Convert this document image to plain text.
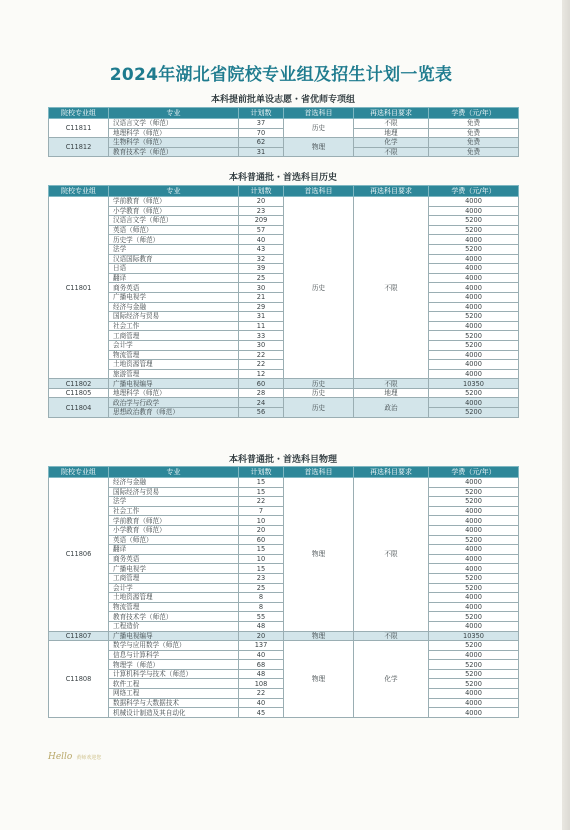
2024年湖北省院校专业组及招生计划一览表
本科提前批单设志愿・省优师专项组
院校专业组	专业	计划数	首选科目	再选科目要求	学费（元/年）
C11811	汉语言文学（师范）	37	历史	不限	免费
	地理科学（师范）	70		地理	免费
C11812	生物科学（师范）	62	物理	化学	免费
	教育技术学（师范）	31		不限	免费
本科普通批・首选科目历史
院校专业组	专业	计划数	首选科目	再选科目要求	学费（元/年）
C11801	学前教育（师范）	20	历史	不限	4000
	小学教育（师范）	23			4000
	汉语言文学（师范）	209			5200
	英语（师范）	57			5200
	历史学（师范）	40			4000
	法学	43			5200
	汉语国际教育	32			4000
	日语	39			4000
	翻译	25			4000
	商务英语	30			4000
	广播电视学	21			4000
	经济与金融	29			4000
	国际经济与贸易	31			5200
	社会工作	11			4000
	工商管理	33			5200
	会计学	30			5200
	物流管理	22			4000
	土地资源管理	22			4000
	旅游管理	12			4000
C11802	广播电视编导	60	历史	不限	10350
C11805	地理科学（师范）	28	历史	地理	5200
C11804	政治学与行政学	24	历史	政治	4000
	思想政治教育（师范）	56			5200
本科普通批・首选科目物理
院校专业组	专业	计划数	首选科目	再选科目要求	学费（元/年）
C11806	经济与金融	15	物理	不限	4000
	国际经济与贸易	15			5200
	法学	22			5200
	社会工作	7			4000
	学前教育（师范）	10			4000
	小学教育（师范）	20			4000
	英语（师范）	60			5200
	翻译	15			4000
	商务英语	10			4000
	广播电视学	15			4000
	工商管理	23			5200
	会计学	25			5200
	土地资源管理	8			4000
	物流管理	8			4000
	教育技术学（师范）	55			5200
	工程造价	48			4000
C11807	广播电视编导	20	物理	不限	10350
C11808	数学与应用数学（师范）	137	物理	化学	5200
	信息与计算科学	40			4000
	物理学（师范）	68			5200
	计算机科学与技术（师范）	48			5200
	软件工程	108			5200
	网络工程	22			4000
	数据科学与大数据技术	40			4000
	机械设计制造及其自动化	45			4000
Hello 黄师欢迎您
